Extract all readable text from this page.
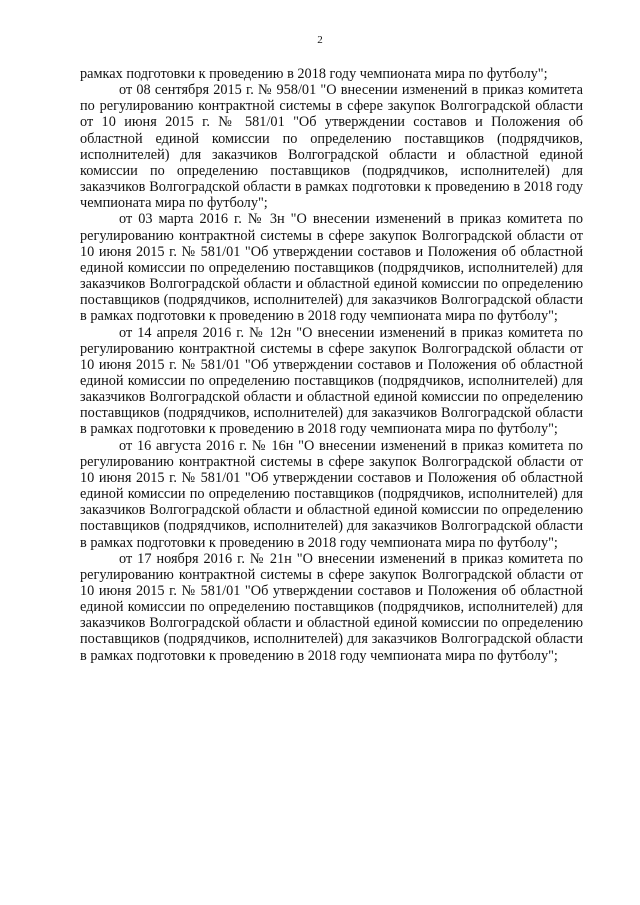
2

рамках подготовки к проведению в 2018 году чемпионата мира по футболу";

от 08 сентября 2015 г. № 958/01 "О внесении изменений в приказ комитета по регулированию контрактной системы в сфере закупок Волгоградской области от 10 июня 2015 г. № 581/01 "Об утверждении составов и Положения об областной единой комиссии по определению поставщиков (подрядчиков, исполнителей) для заказчиков Волгоградской области и областной единой комиссии по определению поставщиков (подрядчиков, исполнителей) для заказчиков Волгоградской области в рамках подготовки к проведению в 2018 году чемпионата мира по футболу";

от 03 марта 2016 г. № 3н "О внесении изменений в приказ комитета по регулированию контрактной системы в сфере закупок Волгоградской области от 10 июня 2015 г. № 581/01 "Об утверждении составов и Положения об областной единой комиссии по определению поставщиков (подрядчиков, исполнителей) для заказчиков Волгоградской области и областной единой комиссии по определению поставщиков (подрядчиков, исполнителей) для заказчиков Волгоградской области в рамках подготовки к проведению в 2018 году чемпионата мира по футболу";

от 14 апреля 2016 г. № 12н "О внесении изменений в приказ комитета по регулированию контрактной системы в сфере закупок Волгоградской области от 10 июня 2015 г. № 581/01 "Об утверждении составов и Положения об областной единой комиссии по определению поставщиков (подрядчиков, исполнителей) для заказчиков Волгоградской области и областной единой комиссии по определению поставщиков (подрядчиков, исполнителей) для заказчиков Волгоградской области в рамках подготовки к проведению в 2018 году чемпионата мира по футболу";

от 16 августа 2016 г. № 16н "О внесении изменений в приказ комитета по регулированию контрактной системы в сфере закупок Волгоградской области от 10 июня 2015 г. № 581/01 "Об утверждении составов и Положения об областной единой комиссии по определению поставщиков (подрядчиков, исполнителей) для заказчиков Волгоградской области и областной единой комиссии по определению поставщиков (подрядчиков, исполнителей) для заказчиков Волгоградской области в рамках подготовки к проведению в 2018 году чемпионата мира по футболу";

от 17 ноября 2016 г. № 21н "О внесении изменений в приказ комитета по регулированию контрактной системы в сфере закупок Волгоградской области от 10 июня 2015 г. № 581/01 "Об утверждении составов и Положения об областной единой комиссии по определению поставщиков (подрядчиков, исполнителей) для заказчиков Волгоградской области и областной единой комиссии по определению поставщиков (подрядчиков, исполнителей) для заказчиков Волгоградской области в рамках подготовки к проведению в 2018 году чемпионата мира по футболу";
